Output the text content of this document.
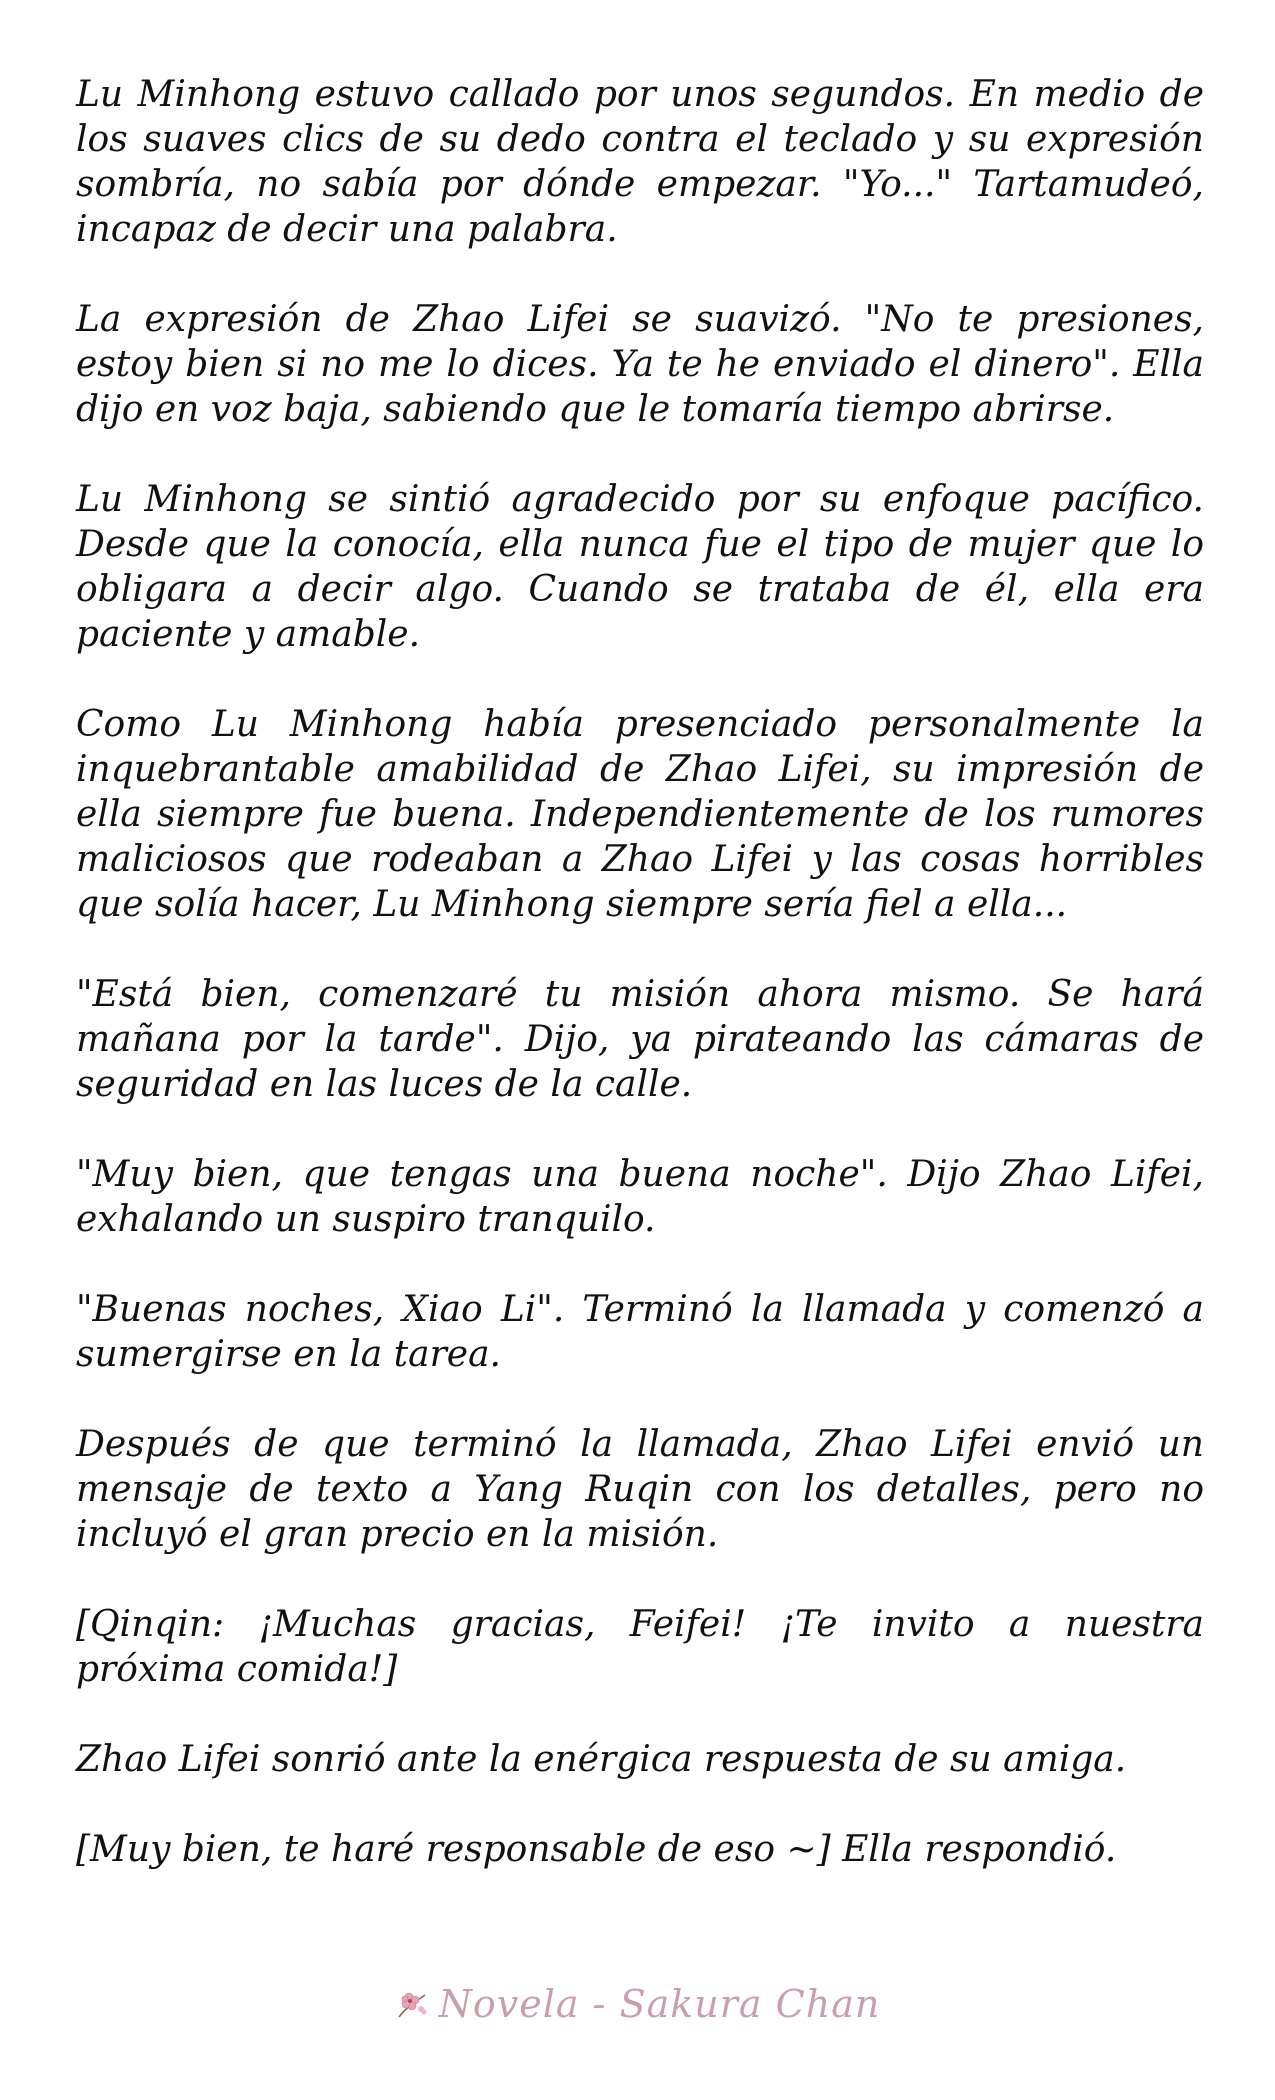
Lu Minhong estuvo callado por unos segundos. En medio de los suaves clics de su dedo contra el teclado y su expresión sombría, no sabía por dónde empezar. "Yo..." Tartamudeó, incapaz de decir una palabra.

La expresión de Zhao Lifei se suavizó. "No te presiones, estoy bien si no me lo dices. Ya te he enviado el dinero". Ella dijo en voz baja, sabiendo que le tomaría tiempo abrirse.

Lu Minhong se sintió agradecido por su enfoque pacífico. Desde que la conocía, ella nunca fue el tipo de mujer que lo obligara a decir algo. Cuando se trataba de él, ella era paciente y amable.

Como Lu Minhong había presenciado personalmente la inquebrantable amabilidad de Zhao Lifei, su impresión de ella siempre fue buena. Independientemente de los rumores maliciosos que rodeaban a Zhao Lifei y las cosas horribles que solía hacer, Lu Minhong siempre sería fiel a ella...

"Está bien, comenzaré tu misión ahora mismo. Se hará mañana por la tarde". Dijo, ya pirateando las cámaras de seguridad en las luces de la calle.

"Muy bien, que tengas una buena noche". Dijo Zhao Lifei, exhalando un suspiro tranquilo.

"Buenas noches, Xiao Li". Terminó la llamada y comenzó a sumergirse en la tarea.

Después de que terminó la llamada, Zhao Lifei envió un mensaje de texto a Yang Ruqin con los detalles, pero no incluyó el gran precio en la misión.

[Qinqin: ¡Muchas gracias, Feifei! ¡Te invito a nuestra próxima comida!]

Zhao Lifei sonrió ante la enérgica respuesta de su amiga.

[Muy bien, te haré responsable de eso ~] Ella respondió.

Novela - Sakura Chan
